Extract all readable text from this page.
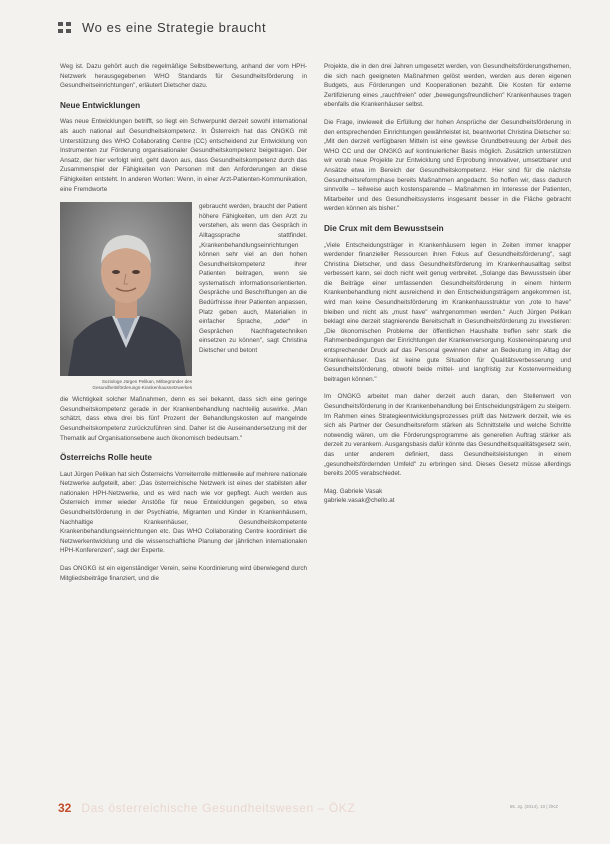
Wo es eine Strategie braucht

Weg ist. Dazu gehört auch die regelmäßige Selbstbewertung, anhand der vom HPH-Netzwerk herausgegebenen WHO Standards für Gesundheitsförderung in Gesundheitseinrichtungen", erläutert Dietscher dazu.

Neue Entwicklungen

Was neue Entwicklungen betrifft, so liegt ein Schwerpunkt derzeit sowohl international als auch national auf Gesundheitskompetenz. In Österreich hat das ONGKG mit Unterstützung des WHO Collaborating Centre (CC) entscheidend zur Entwicklung von Instrumenten zur Förderung organisationaler Gesundheitskompetenz beigetragen. Der Ansatz, der hier verfolgt wird, geht davon aus, dass Gesundheitskompetenz durch das Zusammenspiel der Fähigkeiten von Personen mit den Anforderungen an diese Fähigkeiten entsteht. In anderen Worten: Wenn, in einer Arzt-Patienten-Kommunikation, eine Fremdworte

Soziologe Jürgen Pelikan, Mitbegründer des Gesundheitsförderungs-Krankenhausnetzwerkes

gebraucht werden, braucht der Patient höhere Fähigkeiten, um den Arzt zu verstehen, als wenn das Gespräch in Alltagssprache stattfindet. „Krankenbehandlungseinrichtungen können sehr viel an den hohen Gesundheitskompetenz ihrer Patienten beitragen, wenn sie systematisch informationsorientierten. Gespräche und Beschriftungen an die Bedürfnisse ihrer Patienten anpassen, Platz geben auch, Materialien in einfacher Sprache, „oder“ in Gesprächen Nachfragetechniken einsetzen zu können", sagt Christina Dietscher und betont

die Wichtigkeit solcher Maßnahmen, denn es sei bekannt, dass sich eine geringe Gesundheitskompetenz gerade in der Krankenbehandlung nachteilig auswirke. „Man schätzt, dass etwa drei bis fünf Prozent der Behandlungskosten auf mangelnde Gesundheitskompetenz zurückzuführen sind. Daher ist die Auseinandersetzung mit der Thematik auf Organisationsebene auch ökonomisch bedeutsam."

Österreichs Rolle heute

Laut Jürgen Pelikan hat sich Österreichs Vorreiterrolle mittlerweile auf mehrere nationale Netzwerke aufgeteilt, aber: „Das österreichische Netzwerk ist eines der stabilsten aller nationalen HPH-Netzwerke, und es wird nach wie vor gepflegt. Auch werden aus Österreich immer wieder Anstöße für neue Entwicklungen gegeben, so etwa Gesundheitsförderung in der Psychiatrie, Migranten und Kinder in Krankenhäusern, Nachhaltige Krankenhäuser, Gesundheitskompetente Krankenbehandlungseinrichtungen etc. Das WHO Collaborating Centre koordiniert die Netzwerkentwicklung und die wissenschaftliche Planung der jährlichen internationalen HPH-Konferenzen", sagt der Experte.

Das ONGKG ist ein eigenständiger Verein, seine Koordinierung wird überwiegend durch Mitgliedsbeiträge finanziert, und die

Projekte, die in den drei Jahren umgesetzt werden, von Gesundheitsförderungsthemen, die sich nach geeigneten Maßnahmen gelöst werden, werden aus deren eigenen Budgets, aus Förderungen und Kooperationen bezahlt. Die Kosten für externe Zertifizierung eines „rauchfreien" oder „bewegungsfreundlichen" Krankenhauses tragen ebenfalls die Krankenhäuser selbst.

Die Frage, inwieweit die Erfüllung der hohen Ansprüche der Gesundheitsförderung in den entsprechenden Einrichtungen gewährleistet ist, beantwortet Christina Dietscher so: „Mit den derzeit verfügbaren Mitteln ist eine gewisse Grundbetreuung der Arbeit des WHO CC und der ONGKG auf kontinuierlicher Basis möglich. Zusätzlich unterstützen wir vorab neue Projekte zur Entwicklung und Erprobung innovativer, umsetzbarer und Ansätze etwa im Bereich der Gesundheitskompetenz. Hier sind für die nächste Gesundheitsreformphase bereits Maßnahmen angedacht. So hoffen wir, dass dadurch sinnvolle – teilweise auch kostensparende – Maßnahmen im Interesse der Patienten, Mitarbeiter und des Gesundheitssystems insgesamt besser in die Fläche gebracht werden können als bisher."

Die Crux mit dem Bewusstsein

„Viele Entscheidungsträger in Krankenhäusern legen in Zeiten immer knapper werdender finanzieller Ressourcen ihren Fokus auf Gesundheitsförderung", sagt Christina Dietscher, und dass Gesundheitsförderung im Krankenhausalltag selbst verbessert kann, sei doch nicht weit genug verbreitet. „Solange das Bewusstsein über die Beiträge einer umfassenden Gesundheitsförderung in einem hinterm Krankenbehandlung nicht ausreichend in den Entscheidungsträgern angekommen ist, wird man keine Gesundheitsförderung im Krankenhausstruktur von „rote to have" bleiben und nicht als „must have" wahrgenommen werden." Auch Jürgen Pelikan beklagt eine derzeit stagnierende Bereitschaft in Gesundheitsförderung zu investieren: „Die ökonomischen Probleme der öffentlichen Haushalte treffen sehr stark die Rahmenbedingungen der Einrichtungen der Krankenversorgung. Kosteneinsparung und entsprechender Druck auf das Personal gewinnen daher an Bedeutung im Alltag der Krankenhäuser. Das ist keine gute Situation für Qualitätsverbesserung und Gesundheitsförderung, obwohl beide mittel- und langfristig zur Kostenvermeidung beitragen können."

Im ONGKG arbeitet man daher derzeit auch daran, den Stellenwert von Gesundheitsförderung in der Krankenbehandlung bei Entscheidungsträgern zu steigern. Im Rahmen eines Strategieentwicklungsprozesses prüft das Netzwerk derzeit, wie es sich als Partner der Gesundheitsreform stärken als Schnittstelle und welche Schritte notwendig wären, um die Förderungsprogramme als generellen Auftrag stärker als derzeit zu verankern. Ausgangsbasis dafür könnte das Gesundheitsqualitätsgesetz sein, das unter anderem definiert, dass Gesundheitsleistungen in einem „gesundheitsfördernden Umfeld" zu erbringen sind. Dieses Gesetz müsse allerdings bereits 2005 verabschiedet.

Mag. Gabriele Vasak
gabriele.vasak@chello.at
32 Das österreichische Gesundheitswesen – ÖKZ	55. Jg. (2014), 10 | ÖKZ
